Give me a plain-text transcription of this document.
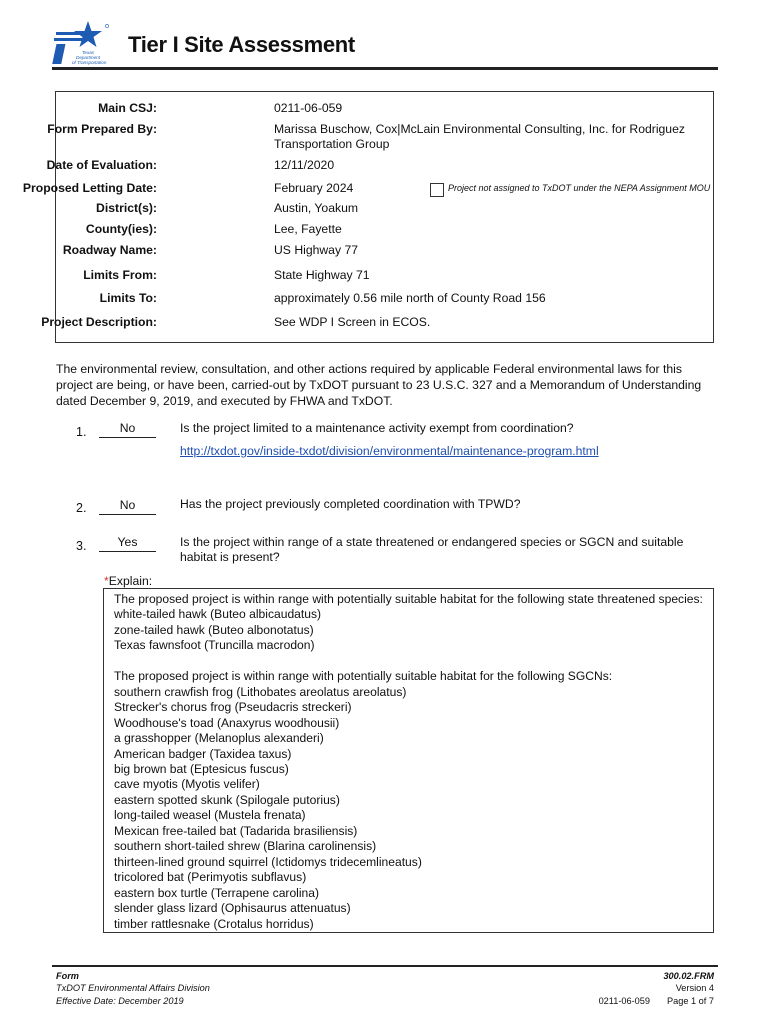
Texas
Department
of Transportation
Tier I Site Assessment
Main CSJ:	0211-06-059
Form Prepared By:	Marissa Buschow, Cox|McLain Environmental Consulting, Inc. for Rodriguez Transportation Group
Date of Evaluation:	12/11/2020
Proposed Letting Date:	February 2024
District(s):	Austin, Yoakum
County(ies):	Lee, Fayette
Roadway Name:	US Highway 77
Limits From:	State Highway 71
Limits To:	approximately 0.56 mile north of County Road 156
Project Description:	See WDP I Screen in ECOS.
Project not assigned to TxDOT under the NEPA Assignment MOU
The environmental review, consultation, and other actions required by applicable Federal environmental laws for this project are being, or have been, carried-out by TxDOT pursuant to 23 U.S.C. 327 and a Memorandum of Understanding dated December 9, 2019, and executed by FHWA and TxDOT.
1.	No	Is the project limited to a maintenance activity exempt from coordination?
http://txdot.gov/inside-txdot/division/environmental/maintenance-program.html
2.	No	Has the project previously completed coordination with TPWD?
3.	Yes	Is the project within range of a state threatened or endangered species or SGCN and suitable habitat is present?
*Explain:
The proposed project is within range with potentially suitable habitat for the following state threatened species:
white-tailed hawk (Buteo albicaudatus)
zone-tailed hawk (Buteo albonotatus)
Texas fawnsfoot (Truncilla macrodon)
The proposed project is within range with potentially suitable habitat for the following SGCNs:
southern crawfish frog (Lithobates areolatus areolatus)
Strecker's chorus frog (Pseudacris streckeri)
Woodhouse's toad (Anaxyrus woodhousii)
a grasshopper (Melanoplus alexanderi)
American badger (Taxidea taxus)
big brown bat (Eptesicus fuscus)
cave myotis (Myotis velifer)
eastern spotted skunk (Spilogale putorius)
long-tailed weasel (Mustela frenata)
Mexican free-tailed bat (Tadarida brasiliensis)
southern short-tailed shrew (Blarina carolinensis)
thirteen-lined ground squirrel (Ictidomys tridecemlineatus)
tricolored bat (Perimyotis subflavus)
eastern box turtle (Terrapene carolina)
slender glass lizard (Ophisaurus attenuatus)
timber rattlesnake (Crotalus horridus)
Form
TxDOT Environmental Affairs Division
Effective Date: December 2019
300.02.FRM
Version 4
0211-06-059 Page 1 of 7
